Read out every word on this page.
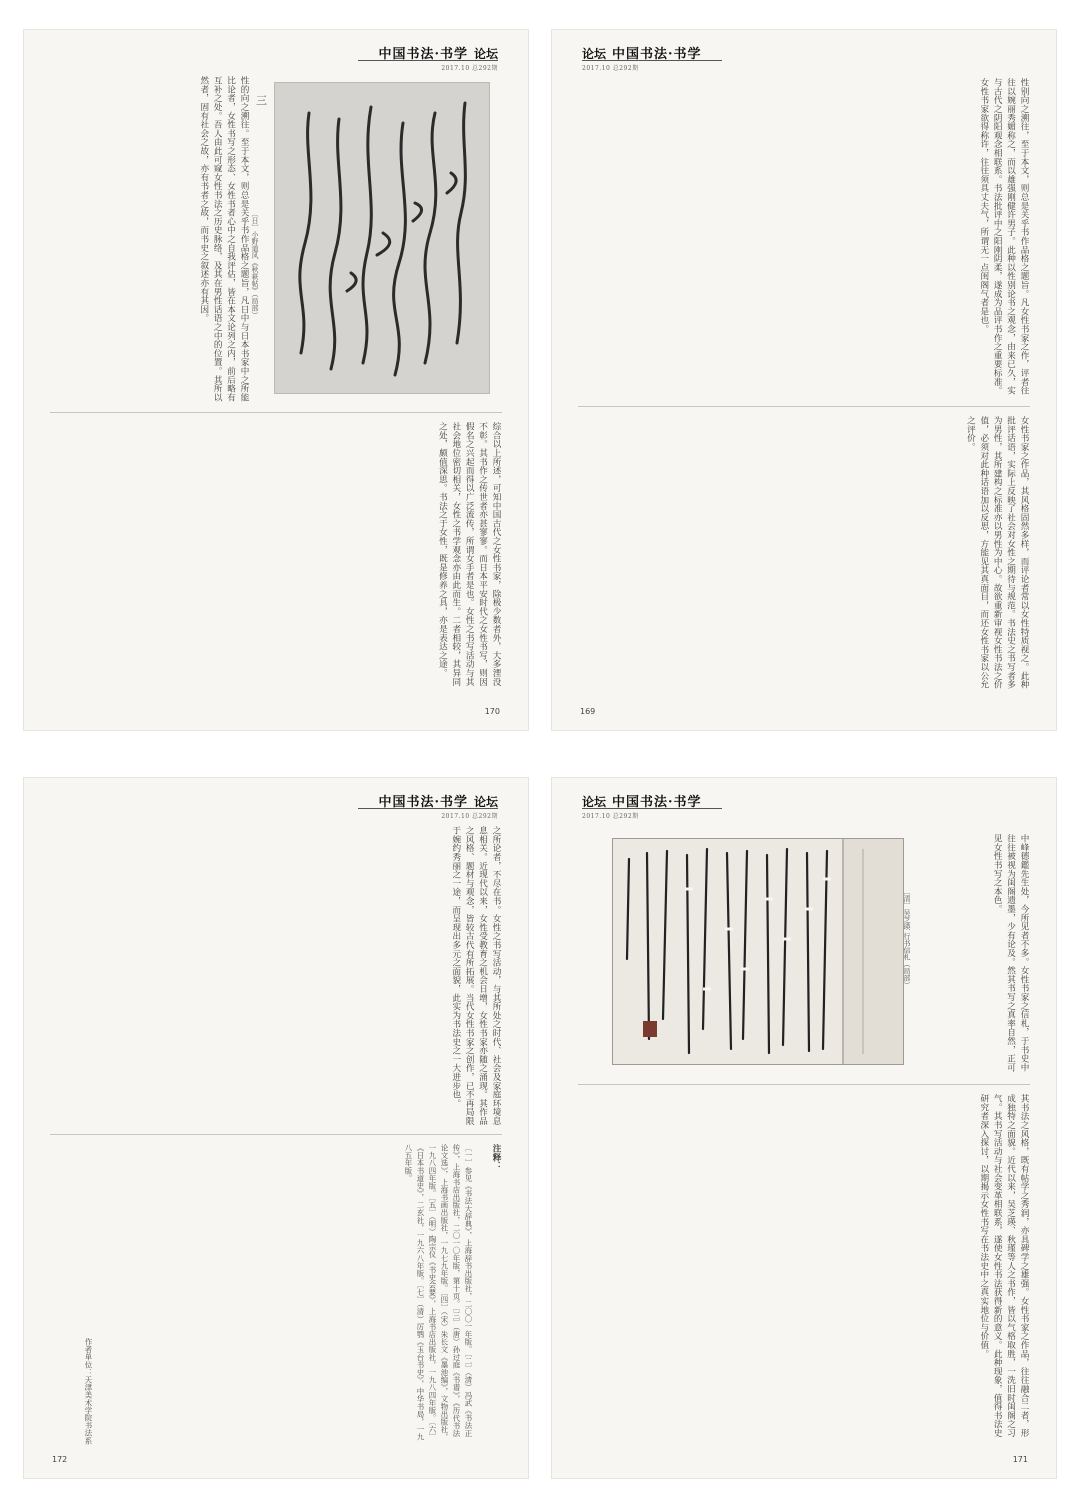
中国书法·书学 论坛
2017.10 总292期
性的向之溯往。至于本文，则总是关乎书作品格之题旨，凡日中与日本书家中之所能比论者，女性书写之形态、女性书者心中之自我评估，皆在本文论列之内，前后略有互补之处。吾人由此可窥女性书法之历史脉络，及其在男性话语之中的位置。其所以然者，固有社会之故，亦有书者之故，而书史之叙述亦有其因。	三
〔日〕小野道风《秋萩帖》（局部）
综合以上所述，可知中国古代之女性书家，除极少数者外，大多湮没不彰。其书作之传世者亦甚寥寥。而日本平安时代之女性书写，则因假名之兴起而得以广泛流传，所谓女手者是也。女性之书写活动与其社会地位密切相关，女性之书学观念亦由此而生。二者相较，其异同之处，颇值深思。书法之于女性，既是修养之具，亦是表达之途。
170
论坛 中国书法·书学
2017.10 总292期
性别向之溯往，至于本文，则总是关乎书作品格之题旨。凡女性书家之作，评者往往以婉丽秀媚称之，而以雄强刚健许男子。此种以性别论书之观念，由来已久，实与古代之阴阳观念相联系。书法批评中之阳刚阴柔，遂成为品评书作之重要标准。女性书家欲得称许，往往须具丈夫气，所谓无一点闺阁气者是也。
女性书家之作品，其风格固然多样，而评论者常以女性特质视之。此种批评话语，实际上反映了社会对女性之期待与规范。书法史之书写者多为男性，其所建构之标准亦以男性为中心。故欲重新审视女性书法之价值，必须对此种话语加以反思，方能见其真面目，而还女性书家以公允之评价。
169
中国书法·书学 论坛
2017.10 总292期
之所论者，不尽在书。女性之书写活动，与其所处之时代、社会及家庭环境息息相关。近现代以来，女性受教育之机会日增，女性书家亦随之涌现。其作品之风格、题材与观念，皆较古代有所拓展。当代女性书家之创作，已不再局限于婉约秀丽之一途，而呈现出多元之面貌，此实为书法史之一大进步也。
注释：
〔一〕参见《书法大辞典》，上海辞书出版社，二〇〇一年版。〔二〕（清）冯武《书法正传》，上海书店出版社，二〇一〇年版，第十页。〔三〕（唐）孙过庭《书谱》，《历代书法论文选》，上海书画出版社，一九七九年版。〔四〕（宋）朱长文《墨池编》，文物出版社，一九八四年版。〔五〕（明）陶宗仪《书史会要》，上海书店出版社，一九八四年版。〔六〕《日本书道史》，二玄社，一九六八年版。〔七〕（清）厉鹗《玉台书史》，中华书局，一九八五年版。
作者单位：天津美术学院书法系
172
论坛 中国书法·书学
2017.10 总292期
〔清〕吴芝瑛 行书信札（局部）	中峰德鑑先生处，今所见者不多。女性书家之信札，于书史中往往被视为闺阁遗墨，少有论及。然其书写之真率自然，正可见女性书写之本色。
其书法之风格，既有帖学之秀润，亦具碑学之雄强。女性书家之作品，往往融合二者，形成独特之面貌。近代以来，吴芝瑛、秋瑾等人之书作，皆以气格取胜，一洗旧时闺阁之习气。其书写活动与社会变革相联系，遂使女性书法获得新的意义。此种现象，值得书法史研究者深入探讨，以期揭示女性书写在书法史中之真实地位与价值。
171
